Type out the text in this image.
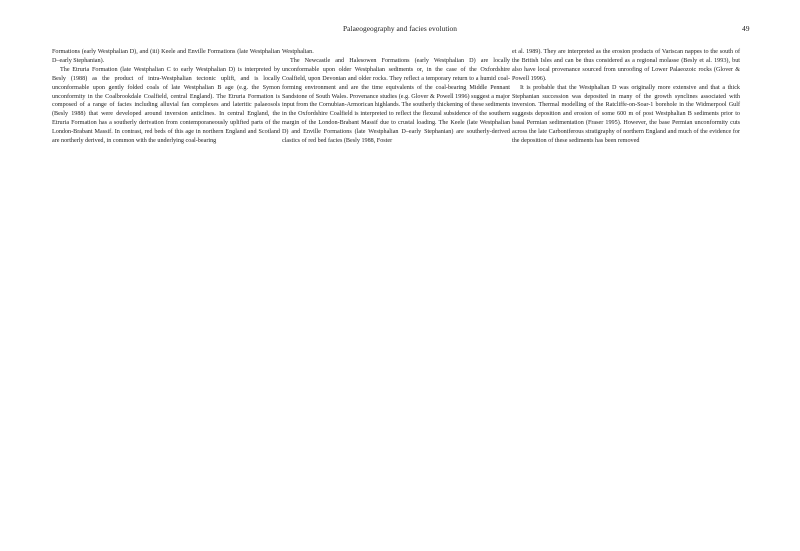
Palaeogeography and facies evolution	49

Formations (early Westphalian D), and (iii) Keele and Enville Formations (late Westphalian D–early Stephanian).

The Etruria Formation (late Westphalian C to early Westphalian D) is interpreted by Besly (1988) as the product of intra-Westphalian tectonic uplift, and is locally unconformable upon gently folded coals of late Westphalian B age (e.g. the Symon unconformity in the Coalbrookdale Coalfield, central England). The Etruria Formation is composed of a range of facies including alluvial fan complexes and lateritic palaeosols (Besly 1988) that were developed around inversion anticlines. In central England, the Etruria Formation has a southerly derivation from contemporaneously uplifted parts of the London-Brabant Massif. In contrast, red beds of this age in northern England and Scotland are northerly derived, in common with the underlying coal-bearing

Westphalian.

The Newcastle and Halesowen Formations (early Westphalian D) are locally unconformable upon older Westphalian sediments or, in the case of the Oxfordshire Coalfield, upon Devonian and older rocks. They reflect a temporary return to a humid coal-forming environment and are the time equivalents of the coal-bearing Middle Pennant Sandstone of South Wales. Provenance studies (e.g. Glover & Powell 1996) suggest a major input from the Cornubian-Armorican highlands. The southerly thickening of these sediments in the Oxfordshire Coalfield is interpreted to reflect the flexural subsidence of the southern margin of the London-Brabant Massif due to crustal loading. The Keele (late Westphalian D) and Enville Formations (late Westphalian D–early Stephanian) are southerly-derived clastics of red bed facies (Besly 1988, Foster

et al. 1989). They are interpreted as the erosion products of Variscan nappes to the south of the British Isles and can be thus considered as a regional molasse (Besly et al. 1993), but also have local provenance sourced from unroofing of Lower Palaeozoic rocks (Glover & Powell 1996).

It is probable that the Westphalian D was originally more extensive and that a thick Stephanian succession was deposited in many of the growth synclines associated with inversion. Thermal modelling of the Ratcliffe-on-Soar-1 borehole in the Widmerpool Gulf suggests deposition and erosion of some 600 m of post Westphalian B sediments prior to basal Permian sedimentation (Fraser 1995). However, the base Permian unconformity cuts across the late Carboniferous stratigraphy of northern England and much of the evidence for the deposition of these sediments has been removed
